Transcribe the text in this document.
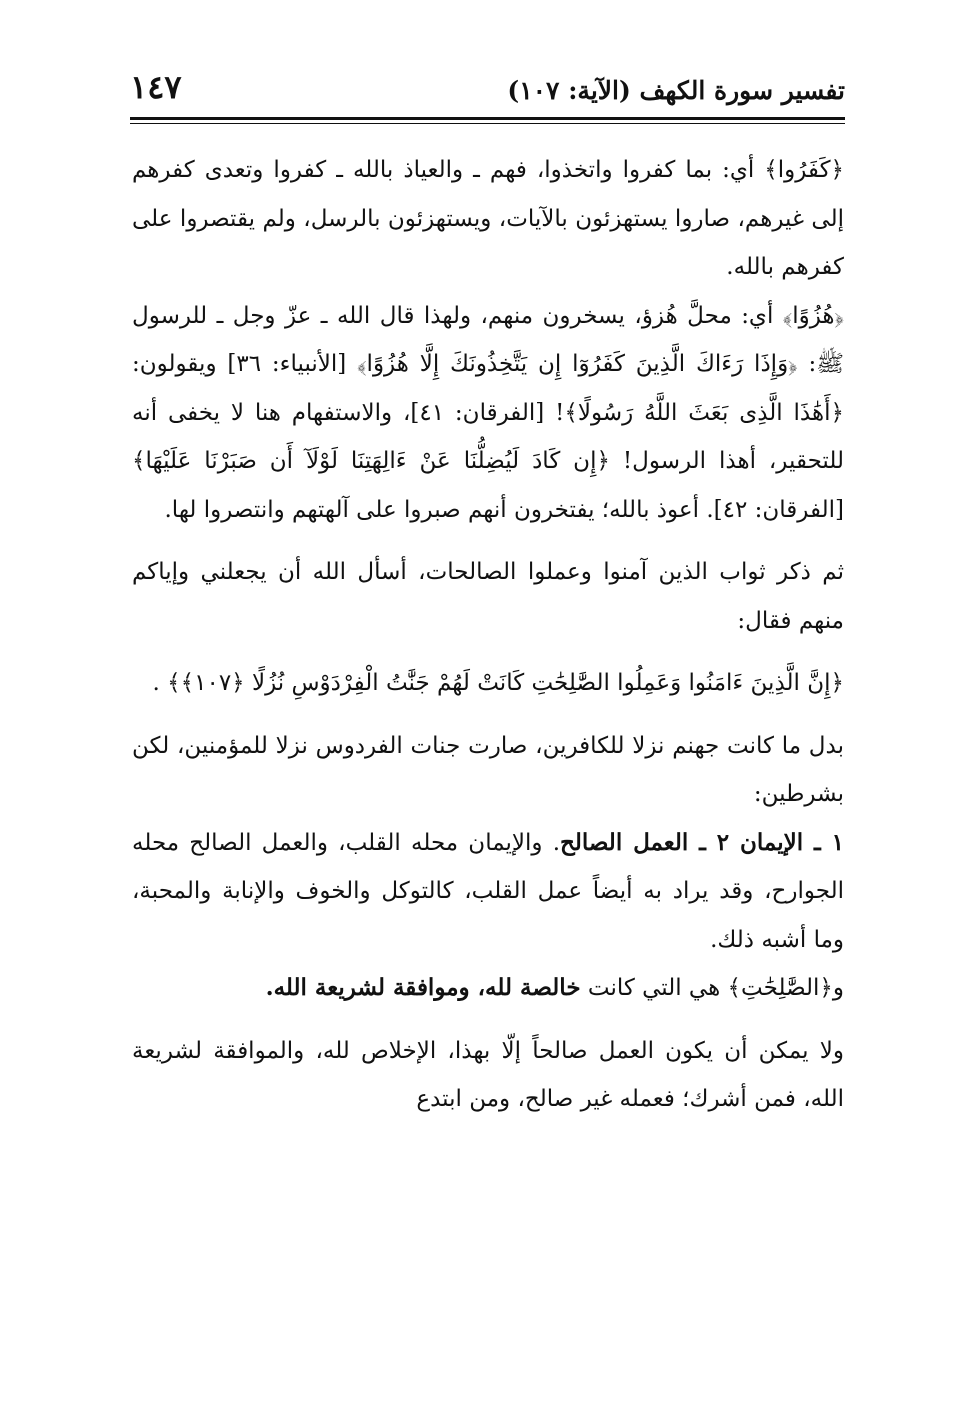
تفسير سورة الكهف (الآية: ١٠٧)
١٤٧

﴿كَفَرُوا﴾ أي: بما كفروا واتخذوا، فهم ـ والعياذ بالله ـ كفروا وتعدى كفرهم إلى غيرهم، صاروا يستهزئون بالآيات، ويستهزئون بالرسل، ولم يقتصروا على كفرهم بالله.

﴿هُزُوًا﴾ أي: محلَّ هُزؤ، يسخرون منهم، ولهذا قال الله ـ عزّ وجل ـ للرسول ﷺ: ﴿وَإِذَا رَءَاكَ الَّذِينَ كَفَرُوٓا إِن يَتَّخِذُونَكَ إِلَّا هُزُوًا﴾ [الأنبياء: ٣٦] ويقولون: ﴿أَهَٰذَا الَّذِى بَعَثَ اللَّهُ رَسُولًا﴾! [الفرقان: ٤١]، والاستفهام هنا لا يخفى أنه للتحقير، أهذا الرسول! ﴿إِن كَادَ لَيُضِلُّنَا عَنْ ءَالِهَتِنَا لَوْلَآ أَن صَبَرْنَا عَلَيْهَا﴾ [الفرقان: ٤٢]. أعوذ بالله؛ يفتخرون أنهم صبروا على آلهتهم وانتصروا لها.

ثم ذكر ثواب الذين آمنوا وعملوا الصالحات، أسأل الله أن يجعلني وإياكم منهم فقال:

﴿إِنَّ الَّذِينَ ءَامَنُوا وَعَمِلُوا الصَّٰلِحَٰتِ كَانَتْ لَهُمْ جَنَّٰتُ الْفِرْدَوْسِ نُزُلًا ﴿١٠٧﴾﴾ .

بدل ما كانت جهنم نزلا للكافرين، صارت جنات الفردوس نزلا للمؤمنين، لكن بشرطين:

١ ـ الإيمان ٢ ـ العمل الصالح. والإيمان محله القلب، والعمل الصالح محله الجوارح، وقد يراد به أيضاً عمل القلب، كالتوكل والخوف والإنابة والمحبة، وما أشبه ذلك.

و﴿الصَّٰلِحَٰتِ﴾ هي التي كانت خالصة لله، وموافقة لشريعة الله.

ولا يمكن أن يكون العمل صالحاً إلّا بهذا، الإخلاص لله، والموافقة لشريعة الله، فمن أشرك؛ فعمله غير صالح، ومن ابتدع
